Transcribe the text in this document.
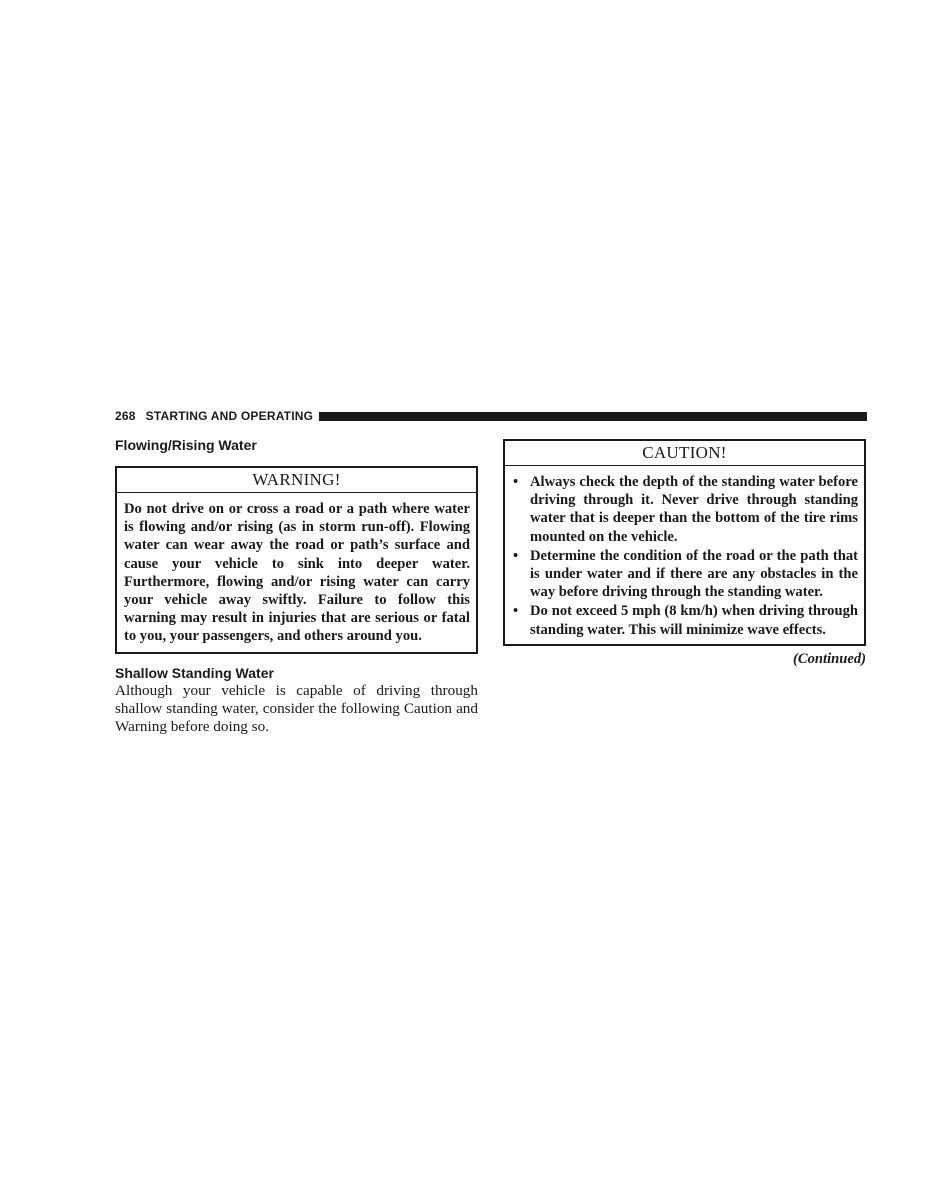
268 STARTING AND OPERATING
Flowing/Rising Water
WARNING!
Do not drive on or cross a road or a path where water is flowing and/or rising (as in storm run-off). Flowing water can wear away the road or path’s surface and cause your vehicle to sink into deeper water. Furthermore, flowing and/or rising water can carry your vehicle away swiftly. Failure to follow this warning may result in injuries that are serious or fatal to you, your passengers, and others around you.
Shallow Standing Water

Although your vehicle is capable of driving through shallow standing water, consider the following Caution and Warning before doing so.

CAUTION!
• Always check the depth of the standing water before driving through it. Never drive through standing water that is deeper than the bottom of the tire rims mounted on the vehicle.
• Determine the condition of the road or the path that is under water and if there are any obstacles in the way before driving through the standing water.
• Do not exceed 5 mph (8 km/h) when driving through standing water. This will minimize wave effects.
(Continued)
